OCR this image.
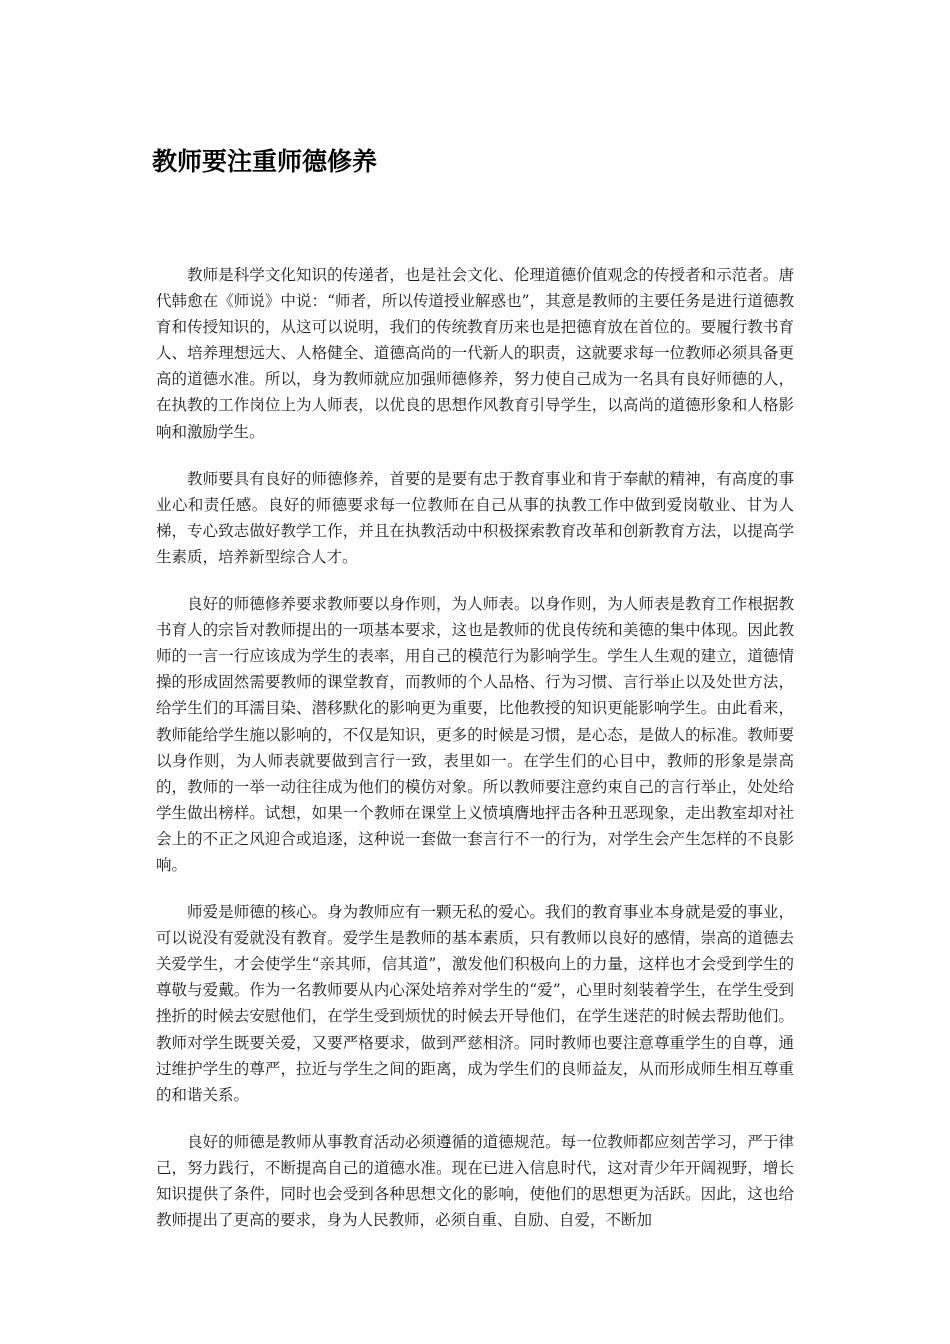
教师要注重师德修养

教师是科学文化知识的传递者，也是社会文化、伦理道德价值观念的传授者和示范者。唐代韩愈在《师说》中说：“师者，所以传道授业解惑也”，其意是教师的主要任务是进行道德教育和传授知识的，从这可以说明，我们的传统教育历来也是把德育放在首位的。要履行教书育人、培养理想远大、人格健全、道德高尚的一代新人的职责，这就要求每一位教师必须具备更高的道德水准。所以，身为教师就应加强师德修养，努力使自己成为一名具有良好师德的人，在执教的工作岗位上为人师表，以优良的思想作风教育引导学生，以高尚的道德形象和人格影响和激励学生。

教师要具有良好的师德修养，首要的是要有忠于教育事业和肯于奉献的精神，有高度的事业心和责任感。良好的师德要求每一位教师在自己从事的执教工作中做到爱岗敬业、甘为人梯，专心致志做好教学工作，并且在执教活动中积极探索教育改革和创新教育方法，以提高学生素质，培养新型综合人才。

良好的师德修养要求教师要以身作则，为人师表。以身作则，为人师表是教育工作根据教书育人的宗旨对教师提出的一项基本要求，这也是教师的优良传统和美德的集中体现。因此教师的一言一行应该成为学生的表率，用自己的模范行为影响学生。学生人生观的建立，道德情操的形成固然需要教师的课堂教育，而教师的个人品格、行为习惯、言行举止以及处世方法，给学生们的耳濡目染、潜移默化的影响更为重要，比他教授的知识更能影响学生。由此看来，教师能给学生施以影响的，不仅是知识，更多的时候是习惯，是心态，是做人的标准。教师要以身作则，为人师表就要做到言行一致，表里如一。在学生们的心目中，教师的形象是崇高的，教师的一举一动往往成为他们的模仿对象。所以教师要注意约束自己的言行举止，处处给学生做出榜样。试想，如果一个教师在课堂上义愤填膺地抨击各种丑恶现象，走出教室却对社会上的不正之风迎合或追逐，这种说一套做一套言行不一的行为，对学生会产生怎样的不良影响。

师爱是师德的核心。身为教师应有一颗无私的爱心。我们的教育事业本身就是爱的事业，可以说没有爱就没有教育。爱学生是教师的基本素质，只有教师以良好的感情，崇高的道德去关爱学生，才会使学生“亲其师，信其道”，激发他们积极向上的力量，这样也才会受到学生的尊敬与爱戴。作为一名教师要从内心深处培养对学生的“爱”，心里时刻装着学生，在学生受到挫折的时候去安慰他们，在学生受到烦忧的时候去开导他们，在学生迷茫的时候去帮助他们。教师对学生既要关爱，又要严格要求，做到严慈相济。同时教师也要注意尊重学生的自尊，通过维护学生的尊严，拉近与学生之间的距离，成为学生们的良师益友，从而形成师生相互尊重的和谐关系。

良好的师德是教师从事教育活动必须遵循的道德规范。每一位教师都应刻苦学习，严于律己，努力践行，不断提高自己的道德水准。现在已进入信息时代，这对青少年开阔视野，增长知识提供了条件，同时也会受到各种思想文化的影响，使他们的思想更为活跃。因此，这也给教师提出了更高的要求，身为人民教师，必须自重、自励、自爱，不断加
